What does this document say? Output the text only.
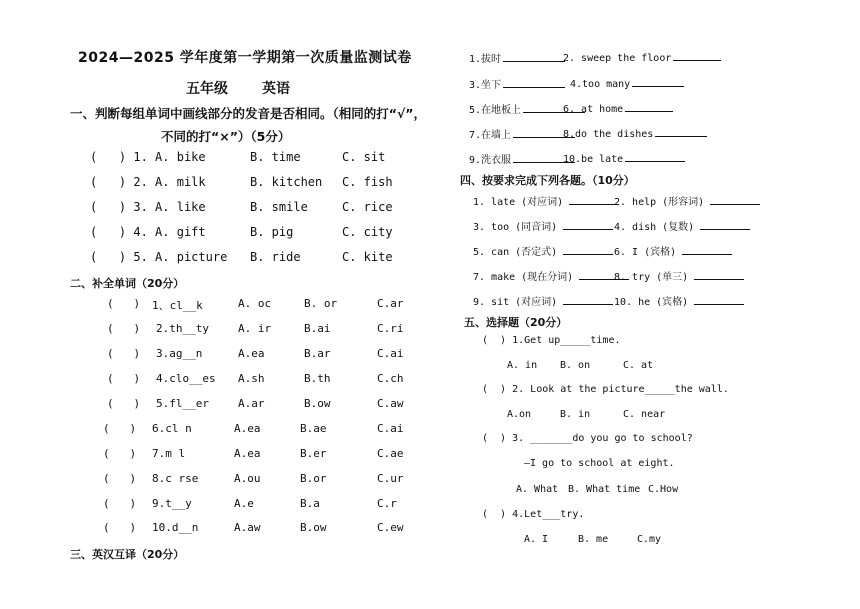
2024—2025 学年度第一学期第一次质量监测试卷
五年级 英语
一、判断每组单词中画线部分的发音是否相同。（相同的打“√”，
不同的打“×”）（5分）
(   ) 1. A. bike	B. time	C. sit
(   ) 2. A. milk	B. kitchen C. fish
(   ) 3. A. like	B. smile	C. rice
(   ) 4. A. gift	B. pig	C. city
(   ) 5. A. picture B. ride	C. kite
二、补全单词（20分）
(   ) 1、cl__k	A. oc	B. or	C.ar
(   ) 2.th__ty	A. ir	B.ai	C.ri
(   ) 3.ag__n	A.ea	B.ar	C.ai
(   ) 4.clo__es A.sh	B.th	C.ch
(   ) 5.fl__er	A.ar	B.ow	C.aw
(   ) 6.cl n	A.ea	B.ae	C.ai
(   ) 7.m l	A.ea	B.er	C.ae
(   ) 8.c rse	A.ou	B.or	C.ur
(   ) 9.t__y	A.e	B.a	C.r
(   ) 10.d__n	A.aw	B.ow	C.ew
三、英汉互译（20分）
1.拔时	2. sweep the floor
3.坐下	4.too many
5.在地板上	6. at home
7.在墙上	8.do the dishes
9.洗衣服	10.be late
四、按要求完成下列各题。（10分）
1. late (对应词)	2. help (形容词)
3. too (同音词)	4. dish (复数)
5. can (否定式)	6. I (宾格)
7. make (现在分词)	8. try (单三)
9. sit (对应词)	10. he (宾格)
五、选择题（20分）
(  ) 1.Get up_____time.
A. in B. on	C. at
(  ) 2. Look at the picture_____the wall.
A.on	B. in	C. near
(  ) 3. _______do you go to school?
—I go to school at eight.
A. What B. What time C.How
(  ) 4.Let___try.
A. I	B. me	C.my
